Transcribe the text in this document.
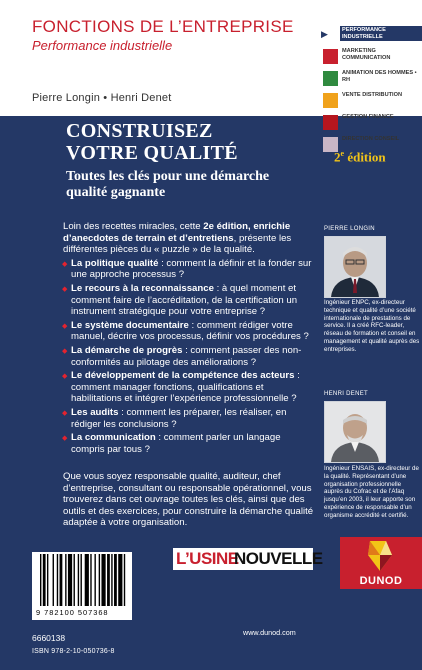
FONCTIONS DE L’ENTREPRISE
Performance industrielle
▶	PERFORMANCE INDUSTRIELLE
MARKETING COMMUNICATION
ANIMATION DES HOMMES • RH
VENTE DISTRIBUTION
GESTION FINANCE
DIRECTION CONSEIL
Pierre Longin • Henri Denet
CONSTRUISEZ
VOTRE QUALITÉ	2e édition
Toutes les clés pour une démarche
qualité gagnante

Loin des recettes miracles, cette 2e édition, enrichie d’anecdotes de terrain et d’entretiens, présente les différentes pièces du « puzzle » de la qualité.

◆ La politique qualité : comment la définir et la fonder sur une approche processus ?
◆ Le recours à la reconnaissance : à quel moment et comment faire de l’accréditation, de la certification un instrument stratégique pour votre entreprise ?
◆ Le système documentaire : comment rédiger votre manuel, décrire vos processus, définir vos procédures ?
◆ La démarche de progrès : comment passer des non-conformités au pilotage des améliorations ?
◆ Le développement de la compétence des acteurs : comment manager fonctions, qualifications et habilitations et intégrer l’expérience professionnelle ?
◆ Les audits : comment les préparer, les réaliser, en rédiger les conclusions ?
◆ La communication : comment parler un langage compris par tous ?
Que vous soyez responsable qualité, auditeur, chef d’entreprise, consultant ou responsable opérationnel, vous trouverez dans cet ouvrage toutes les clés, ainsi que des outils et des exercices, pour construire la démarche qualité adaptée à votre organisation.
PIERRE LONGIN
Ingénieur ENPC, ex-directeur technique et qualité d’une société internationale de prestations de service. Il a créé RFC-leader, réseau de formation et conseil en management et qualité auprès des entreprises.
HENRI DENET
Ingénieur ENSAIS, ex-directeur de la qualité. Représentant d’une organisation professionnelle auprès du Cofrac et de l’Afaq jusqu’en 2003, il leur apporte son expérience de responsable d’un organisme accrédité et certifié.
L’USINE
NOUVELLE
9 782100 507368
6660138
ISBN 978-2-10-050736-8
www.dunod.com
DUNOD
